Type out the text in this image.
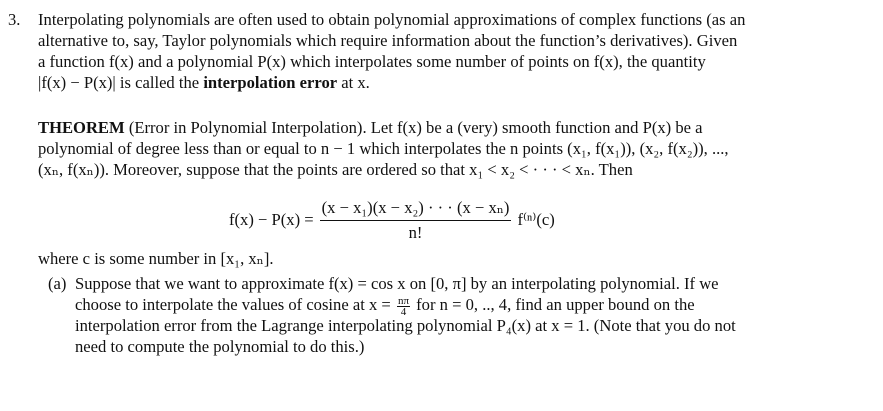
3. Interpolating polynomials are often used to obtain polynomial approximations of complex functions (as an
alternative to, say, Taylor polynomials which require information about the function’s derivatives). Given
a function f(x) and a polynomial P(x) which interpolates some number of points on f(x), the quantity
|f(x) − P(x)| is called the interpolation error at x.
THEOREM (Error in Polynomial Interpolation). Let f(x) be a (very) smooth function and P(x) be a
polynomial of degree less than or equal to n − 1 which interpolates the n points (x₁, f(x₁)), (x₂, f(x₂)), ...,
(xₙ, f(xₙ)). Moreover, suppose that the points are ordered so that x₁ < x₂ < · · · < xₙ. Then
$f(x) - P(x) = \frac{\text{(x − x₁)(x − x₂) · · · (x − xₙ)}}{n!} f^{(n)}(c)$
where c is some number in [x₁, xₙ].
(a) Suppose that we want to approximate f(x) = cos x on [0, π] by an interpolating polynomial. If we
choose to interpolate the values of cosine at $x = \frac{n\pi}{4}$ for n = 0, .., 4, find an upper bound on the
interpolation error from the Lagrange interpolating polynomial P₄(x) at x = 1. (Note that you do not
need to compute the polynomial to do this.)
